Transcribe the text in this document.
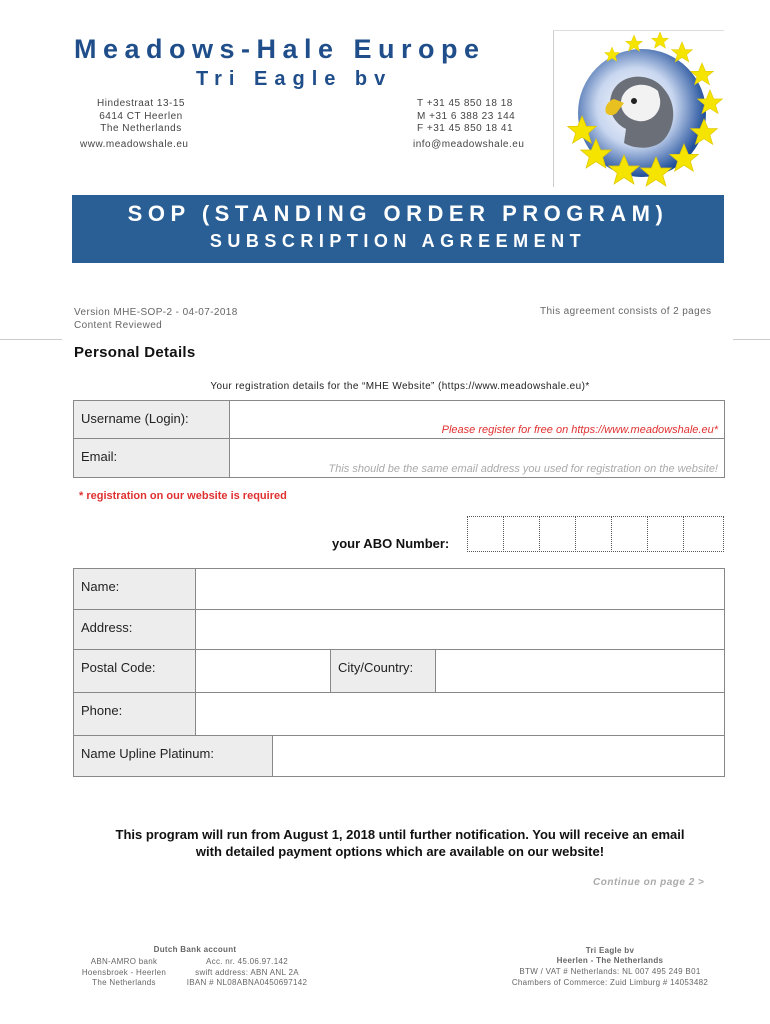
Meadows-Hale Europe
Tri Eagle bv
Hindestraat 13-15
6414 CT Heerlen
The Netherlands
www.meadowshale.eu
T +31 45 850 18 18
M +31 6 388 23 144
F +31 45 850 18 41
info@meadowshale.eu
SOP (STANDING ORDER PROGRAM)
SUBSCRIPTION AGREEMENT
Version MHE-SOP-2 - 04-07-2018
Content Reviewed
This agreement consists of 2 pages
Personal Details
Your registration details for the “MHE Website” (https://www.meadowshale.eu)*
Username (Login):
Please register for free on https://www.meadowshale.eu*
Email:
This should be the same email address you used for registration on the website!
* registration on our website is required
your ABO Number:
Name:
Address:
Postal Code:	City/Country:
Phone:
Name Upline Platinum:
This program will run from August 1, 2018 until further notification. You will receive an email
with detailed payment options which are available on our website!
Continue on page 2 >
Dutch Bank account
ABN-AMRO bank
Hoensbroek - Heerlen
The Netherlands
Acc. nr. 45.06.97.142
swift address: ABN ANL 2A
IBAN # NL08ABNA0450697142
Tri Eagle bv
Heerlen - The Netherlands
BTW / VAT # Netherlands: NL 007 495 249 B01
Chambers of Commerce: Zuid Limburg # 14053482
